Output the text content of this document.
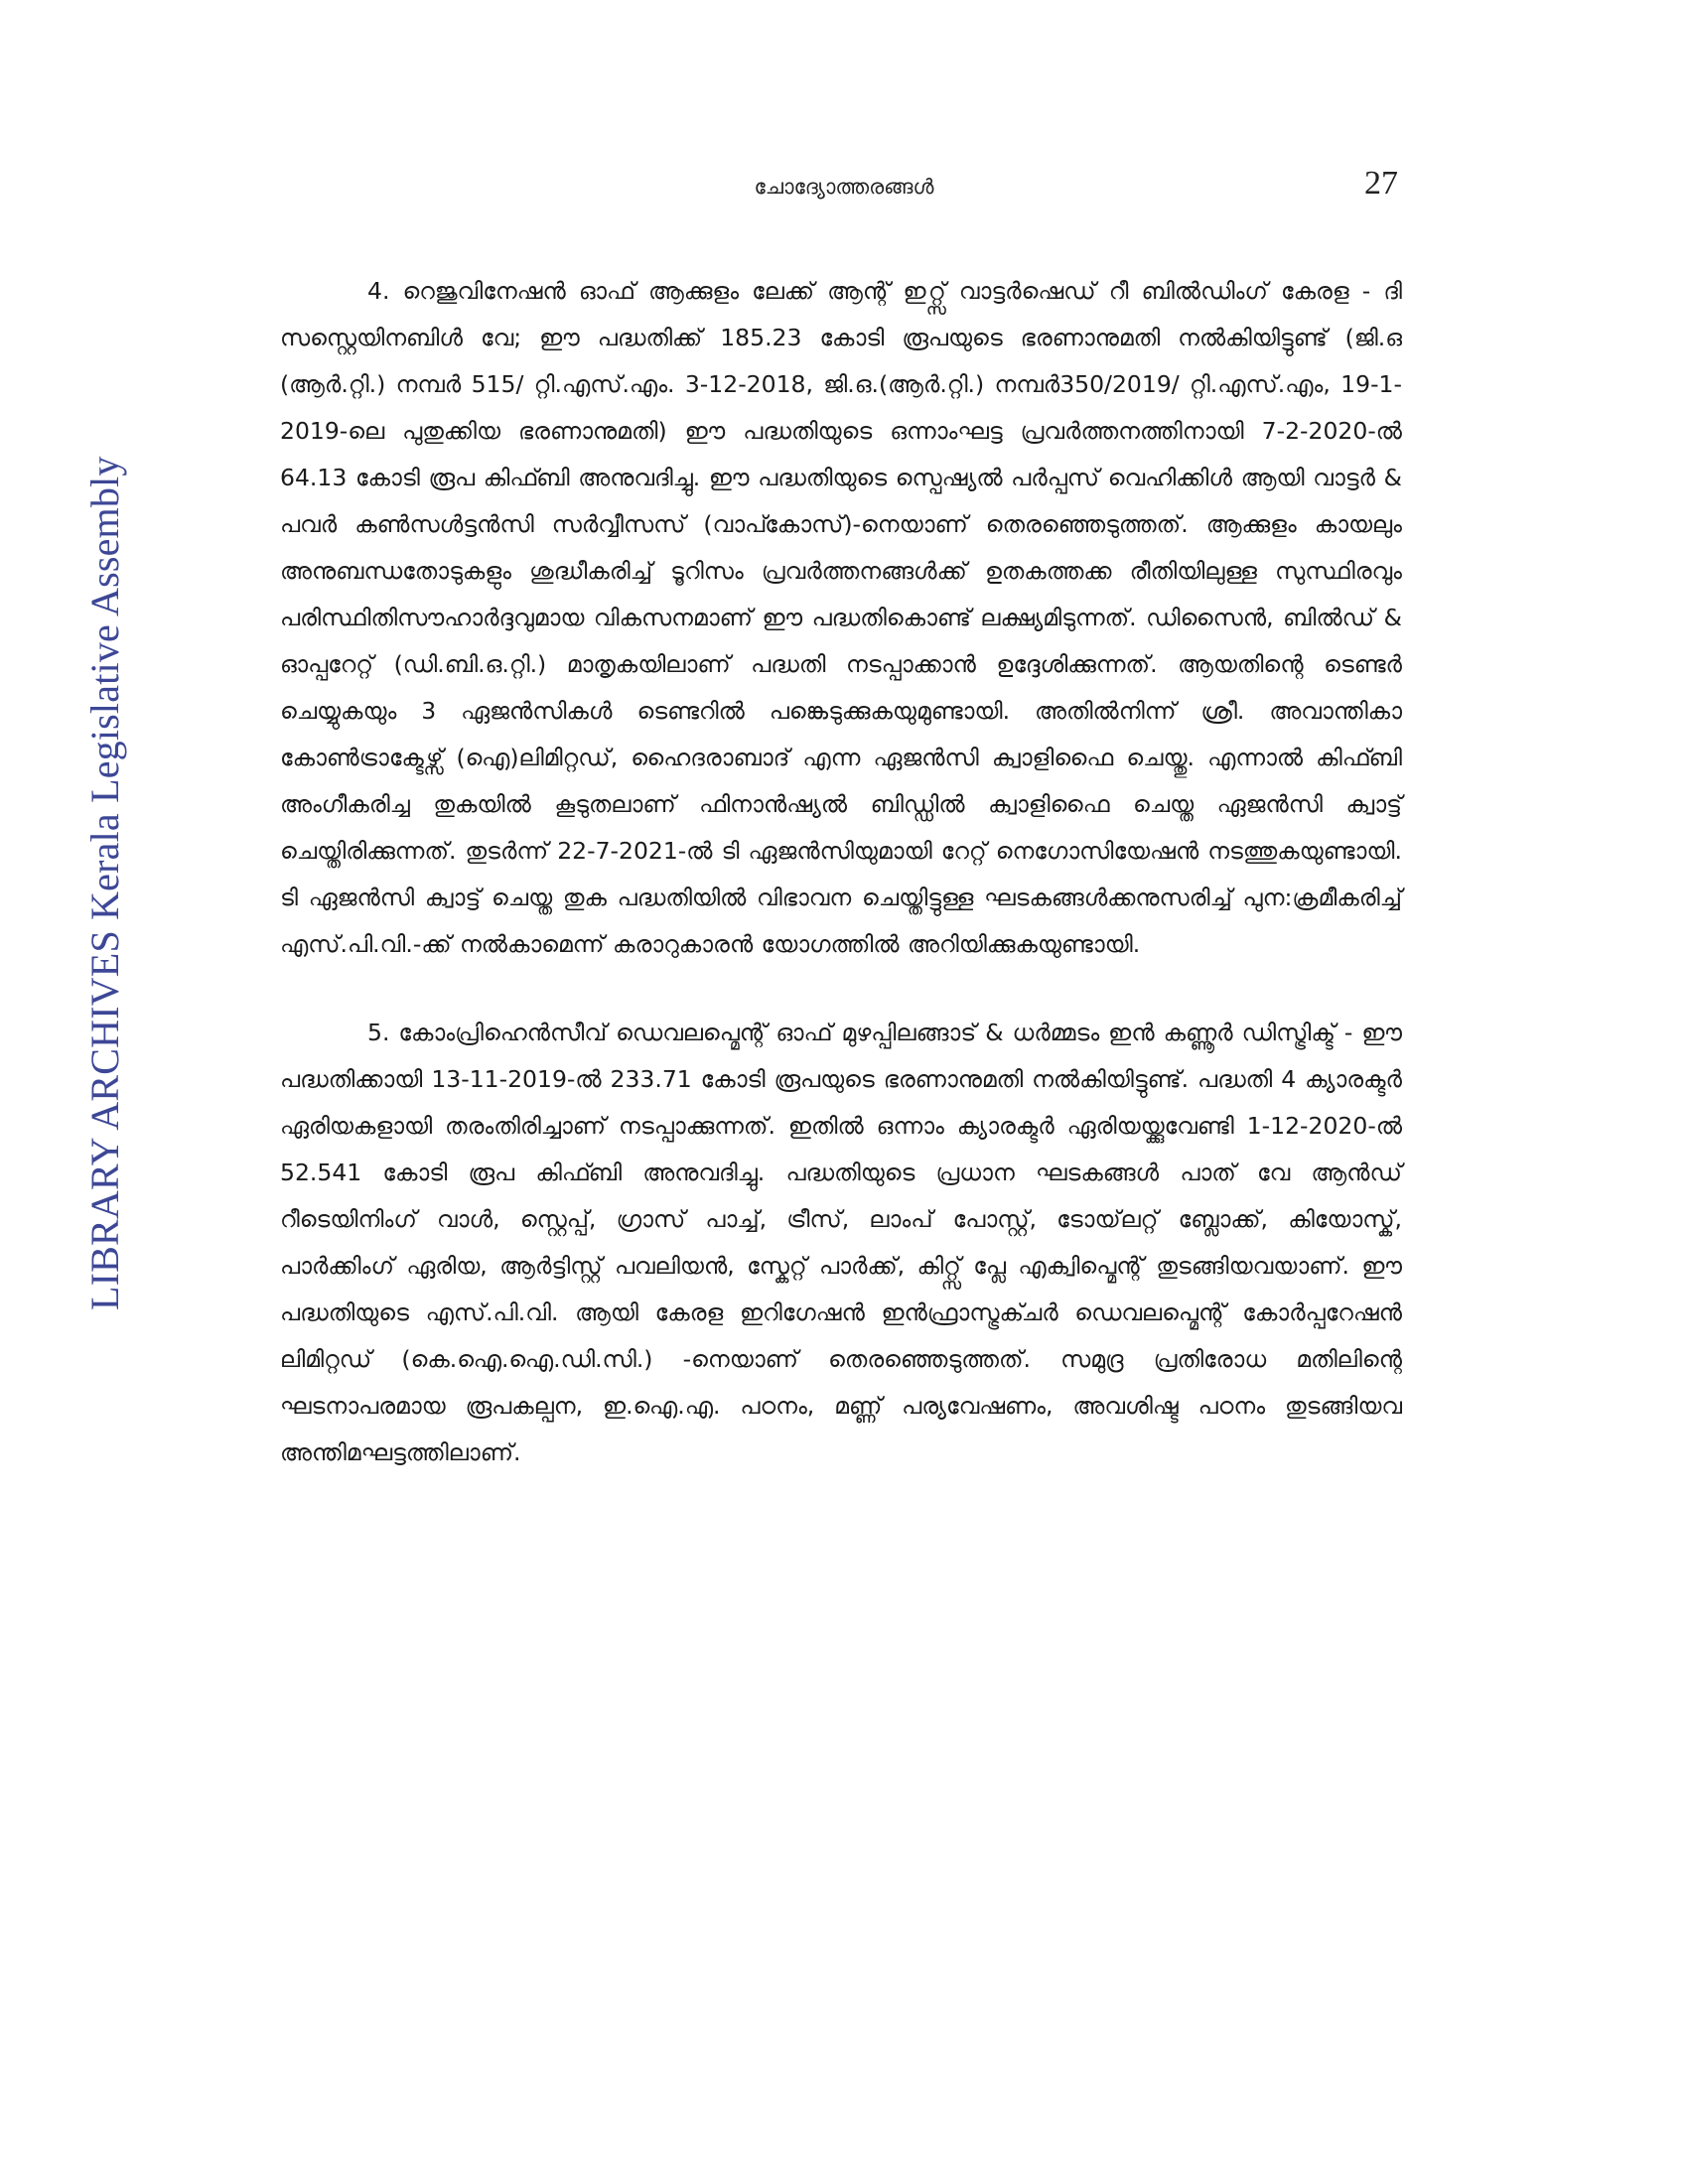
ചോദ്യോത്തരങ്ങൾ	27
LIBRARY ARCHIVES Kerala Legislative Assembly

4. റെജുവിനേഷൻ ഓഫ് ആക്കുളം ലേക്ക് ആന്റ് ഇറ്റ്സ് വാട്ടർഷെഡ് റീ ബിൽഡിംഗ് കേരള - ദി സസ്റ്റെയിനബിൾ വേ; ഈ പദ്ധതിക്ക് 185.23 കോടി രൂപയുടെ ഭരണാനുമതി നൽകിയിട്ടുണ്ട് (ജി.ഒ (ആർ.റ്റി.) നമ്പർ 515/ റ്റി.എസ്.എം. 3-12-2018, ജി.ഒ.(ആർ.റ്റി.) നമ്പർ350/2019/ റ്റി.എസ്.എം, 19-1-2019-ലെ പുതുക്കിയ ഭരണാനുമതി) ഈ പദ്ധതിയുടെ ഒന്നാംഘട്ട പ്രവർത്തനത്തിനായി 7-2-2020-ൽ 64.13 കോടി രൂപ കിഫ്ബി അനുവദിച്ചു. ഈ പദ്ധതിയുടെ സ്പെഷ്യൽ പർപ്പസ് വെഹിക്കിൾ ആയി വാട്ടർ & പവർ കൺസൾട്ടൻസി സർവ്വീസസ് (വാപ്കോസ്)-നെയാണ് തെരഞ്ഞെടുത്തത്. ആക്കുളം കായലും അനുബന്ധതോടുകളും ശുദ്ധീകരിച്ച് ടൂറിസം പ്രവർത്തനങ്ങൾക്ക് ഉതകത്തക്ക രീതിയിലുള്ള സുസ്ഥിരവും പരിസ്ഥിതിസൗഹാർദ്ദവുമായ വികസനമാണ് ഈ പദ്ധതികൊണ്ട് ലക്ഷ്യമിടുന്നത്. ഡിസൈൻ, ബിൽഡ് & ഓപ്പറേറ്റ് (ഡി.ബി.ഒ.റ്റി.) മാതൃകയിലാണ് പദ്ധതി നടപ്പാക്കാൻ ഉദ്ദേശിക്കുന്നത്. ആയതിന്റെ ടെണ്ടർ ചെയ്യുകയും 3 ഏജൻസികൾ ടെണ്ടറിൽ പങ്കെടുക്കുകയുമുണ്ടായി. അതിൽനിന്ന് ശ്രീ. അവാന്തികാ കോൺട്രാക്ടേഴ്സ് (ഐ)ലിമിറ്റഡ്, ഹൈദരാബാദ് എന്ന ഏജൻസി ക്വാളിഫൈ ചെയ്തു. എന്നാൽ കിഫ്ബി അംഗീകരിച്ച തുകയിൽ കൂടുതലാണ് ഫിനാൻഷ്യൽ ബിഡ്ഡിൽ ക്വാളിഫൈ ചെയ്ത ഏജൻസി ക്വാട്ട് ചെയ്തിരിക്കുന്നത്. തുടർന്ന് 22-7-2021-ൽ ടി ഏജൻസിയുമായി റേറ്റ് നെഗോസിയേഷൻ നടത്തുകയുണ്ടായി. ടി ഏജൻസി ക്വാട്ട് ചെയ്ത തുക പദ്ധതിയിൽ വിഭാവന ചെയ്തിട്ടുള്ള ഘടകങ്ങൾക്കനുസരിച്ച് പുന:ക്രമീകരിച്ച് എസ്.പി.വി.-ക്ക് നൽകാമെന്ന് കരാറുകാരൻ യോഗത്തിൽ അറിയിക്കുകയുണ്ടായി.

5. കോംപ്രിഹെൻസീവ് ഡെവലപ്മെന്റ് ഓഫ് മുഴപ്പിലങ്ങാട് & ധർമ്മടം ഇൻ കണ്ണൂർ ഡിസ്ട്രിക്ട് - ഈ പദ്ധതിക്കായി 13-11-2019-ൽ 233.71 കോടി രൂപയുടെ ഭരണാനുമതി നൽകിയിട്ടുണ്ട്. പദ്ധതി 4 ക്യാരക്ടർ ഏരിയകളായി തരംതിരിച്ചാണ് നടപ്പാക്കുന്നത്. ഇതിൽ ഒന്നാം ക്യാരക്ടർ ഏരിയയ്ക്കുവേണ്ടി 1-12-2020-ൽ 52.541 കോടി രൂപ കിഫ്ബി അനുവദിച്ചു. പദ്ധതിയുടെ പ്രധാന ഘടകങ്ങൾ പാത് വേ ആൻഡ് റീടെയിനിംഗ് വാൾ, സ്റ്റെപ്പ്, ഗ്രാസ് പാച്ച്, ട്രീസ്, ലാംപ് പോസ്റ്റ്, ടോയ്‌ലറ്റ് ബ്ലോക്ക്, കിയോസ്ക്, പാർക്കിംഗ് ഏരിയ, ആർട്ടിസ്റ്റ് പവലിയൻ, സ്കേറ്റ് പാർക്ക്, കിറ്റ്സ് പ്ലേ എക്വിപ്മെന്റ് തുടങ്ങിയവയാണ്. ഈ പദ്ധതിയുടെ എസ്.പി.വി. ആയി കേരള ഇറിഗേഷൻ ഇൻഫ്രാസ്ട്രക്ചർ ഡെവലപ്മെന്റ് കോർപ്പറേഷൻ ലിമിറ്റഡ് (കെ.ഐ.ഐ.ഡി.സി.) -നെയാണ് തെരഞ്ഞെടുത്തത്. സമുദ്ര പ്രതിരോധ മതിലിന്റെ ഘടനാപരമായ രൂപകല്പന, ഇ.ഐ.എ. പഠനം, മണ്ണ് പര്യവേഷണം, അവശിഷ്ട പഠനം തുടങ്ങിയവ അന്തിമഘട്ടത്തിലാണ്.
